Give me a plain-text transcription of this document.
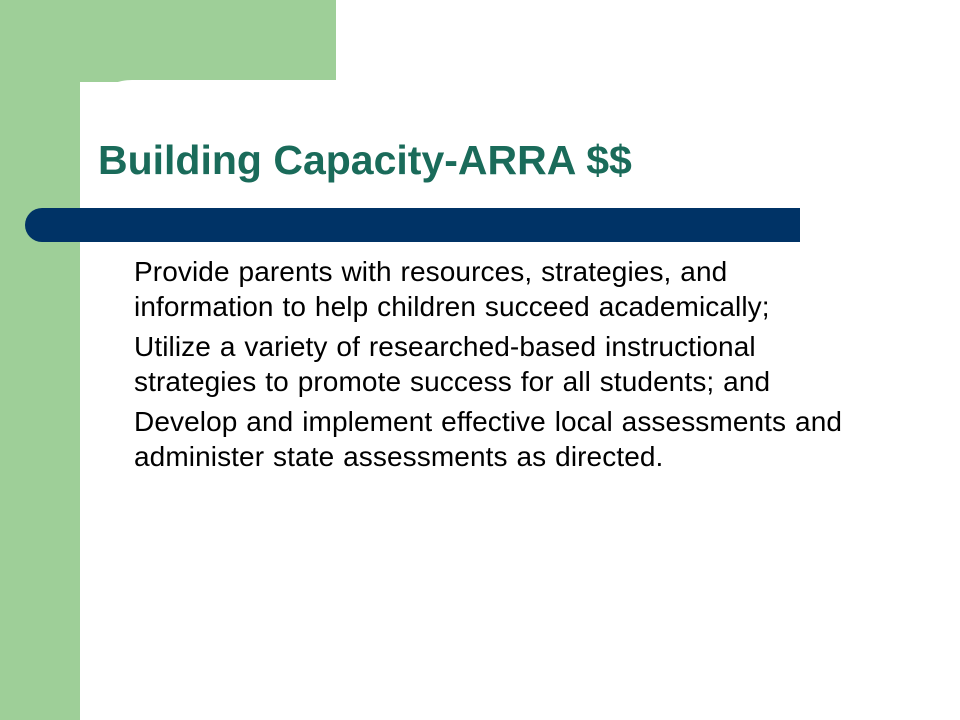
Building Capacity-ARRA $$

Provide parents with resources, strategies, and information to help children succeed academically;

Utilize a variety of researched-based instructional strategies to promote success for all students; and

Develop and implement effective local assessments and administer state assessments as directed.
